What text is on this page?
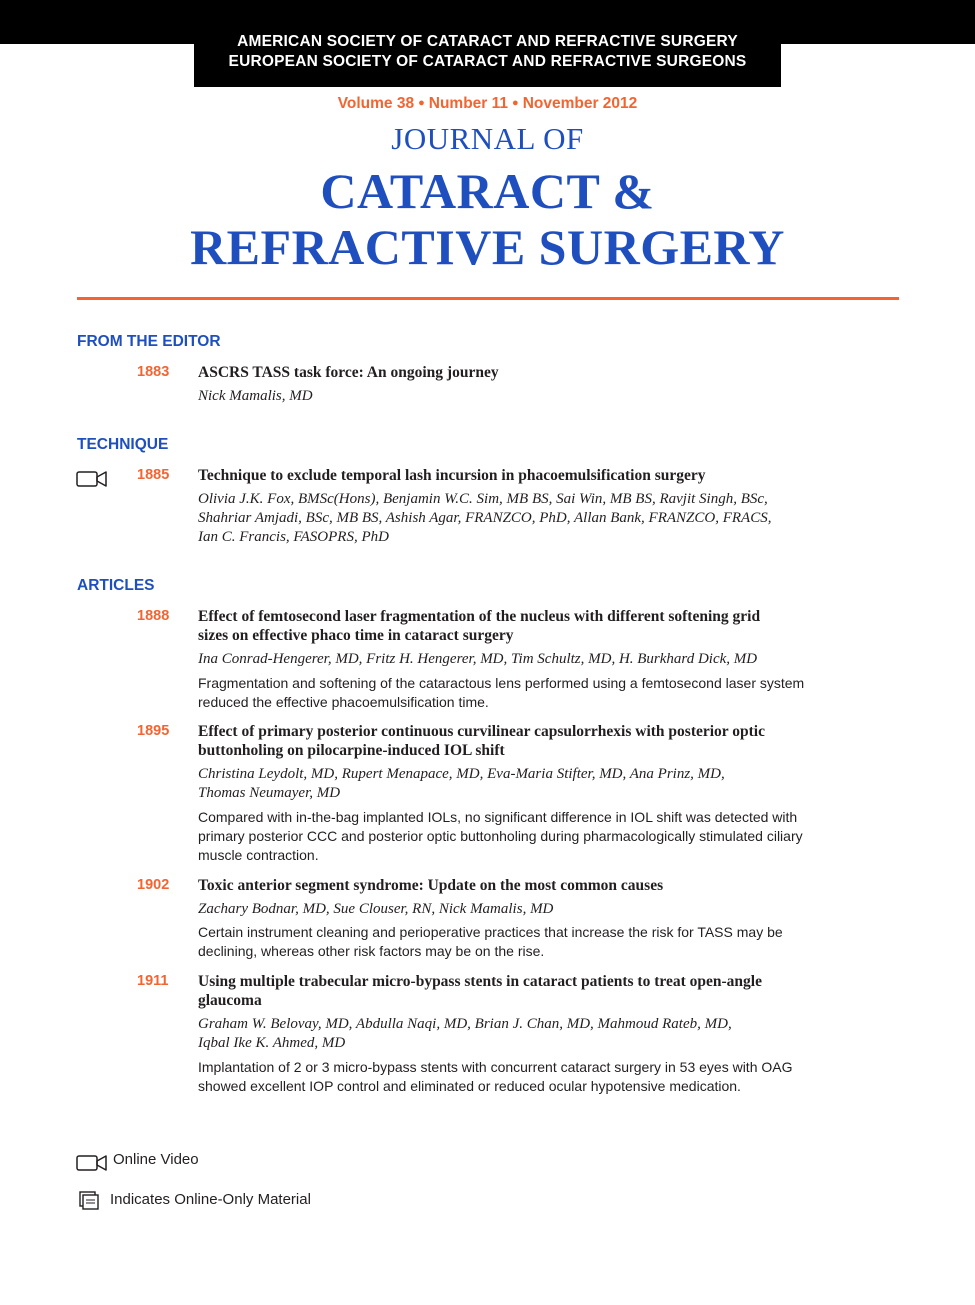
AMERICAN SOCIETY OF CATARACT AND REFRACTIVE SURGERY
EUROPEAN SOCIETY OF CATARACT AND REFRACTIVE SURGEONS
Volume 38 ● Number 11 ● November 2012
JOURNAL OF
CATARACT &
REFRACTIVE SURGERY
FROM THE EDITOR
1883 ASCRS TASS task force: An ongoing journey
Nick Mamalis, MD
TECHNIQUE
1885 Technique to exclude temporal lash incursion in phacoemulsification surgery
Olivia J.K. Fox, BMSc(Hons), Benjamin W.C. Sim, MB BS, Sai Win, MB BS, Ravjit Singh, BSc,
Shahriar Amjadi, BSc, MB BS, Ashish Agar, FRANZCO, PhD, Allan Bank, FRANZCO, FRACS,
Ian C. Francis, FASOPRS, PhD
ARTICLES
1888 Effect of femtosecond laser fragmentation of the nucleus with different softening grid
sizes on effective phaco time in cataract surgery
Ina Conrad-Hengerer, MD, Fritz H. Hengerer, MD, Tim Schultz, MD, H. Burkhard Dick, MD
Fragmentation and softening of the cataractous lens performed using a femtosecond laser system
reduced the effective phacoemulsification time.
1895 Effect of primary posterior continuous curvilinear capsulorrhexis with posterior optic
buttonholing on pilocarpine-induced IOL shift
Christina Leydolt, MD, Rupert Menapace, MD, Eva-Maria Stifter, MD, Ana Prinz, MD,
Thomas Neumayer, MD
Compared with in-the-bag implanted IOLs, no significant difference in IOL shift was detected with
primary posterior CCC and posterior optic buttonholing during pharmacologically stimulated ciliary
muscle contraction.
1902 Toxic anterior segment syndrome: Update on the most common causes
Zachary Bodnar, MD, Sue Clouser, RN, Nick Mamalis, MD
Certain instrument cleaning and perioperative practices that increase the risk for TASS may be
declining, whereas other risk factors may be on the rise.
1911 Using multiple trabecular micro-bypass stents in cataract patients to treat open-angle
glaucoma
Graham W. Belovay, MD, Abdulla Naqi, MD, Brian J. Chan, MD, Mahmoud Rateb, MD,
Iqbal Ike K. Ahmed, MD
Implantation of 2 or 3 micro-bypass stents with concurrent cataract surgery in 53 eyes with OAG
showed excellent IOP control and eliminated or reduced ocular hypotensive medication.
Online Video
Indicates Online-Only Material
